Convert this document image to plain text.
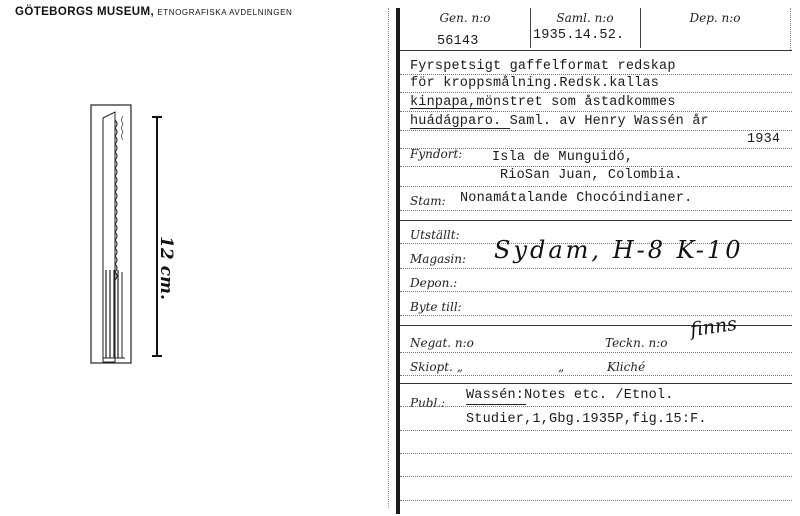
GÖTEBORGS MUSEUM, ETNOGRAFISKA AVDELNINGEN
12 cm.
Gen. n:o
56143
Saml. n:o
1935.14.52.
Dep. n:o
Fyrspetsigt gaffelformat redskap
för kroppsmålning.Redsk.kallas
kinpapa,mönstret som åstadkommes
huádágparo. Saml. av Henry Wassén år
1934
Fyndort: Isla de Munguidó,
RioSan Juan, Colombia.
Stam: Nonamátalande Chocóindianer.
Utställt:
Magasin: Sydam, H-8 K-10
Depon.:
Byte till:
Negat. n:o	Teckn. n:o
finns
Skiopt. „	„	Kliché
Publ.: Wassén:Notes etc. /Etnol.
Studier,1,Gbg.1935P,fig.15:F.
